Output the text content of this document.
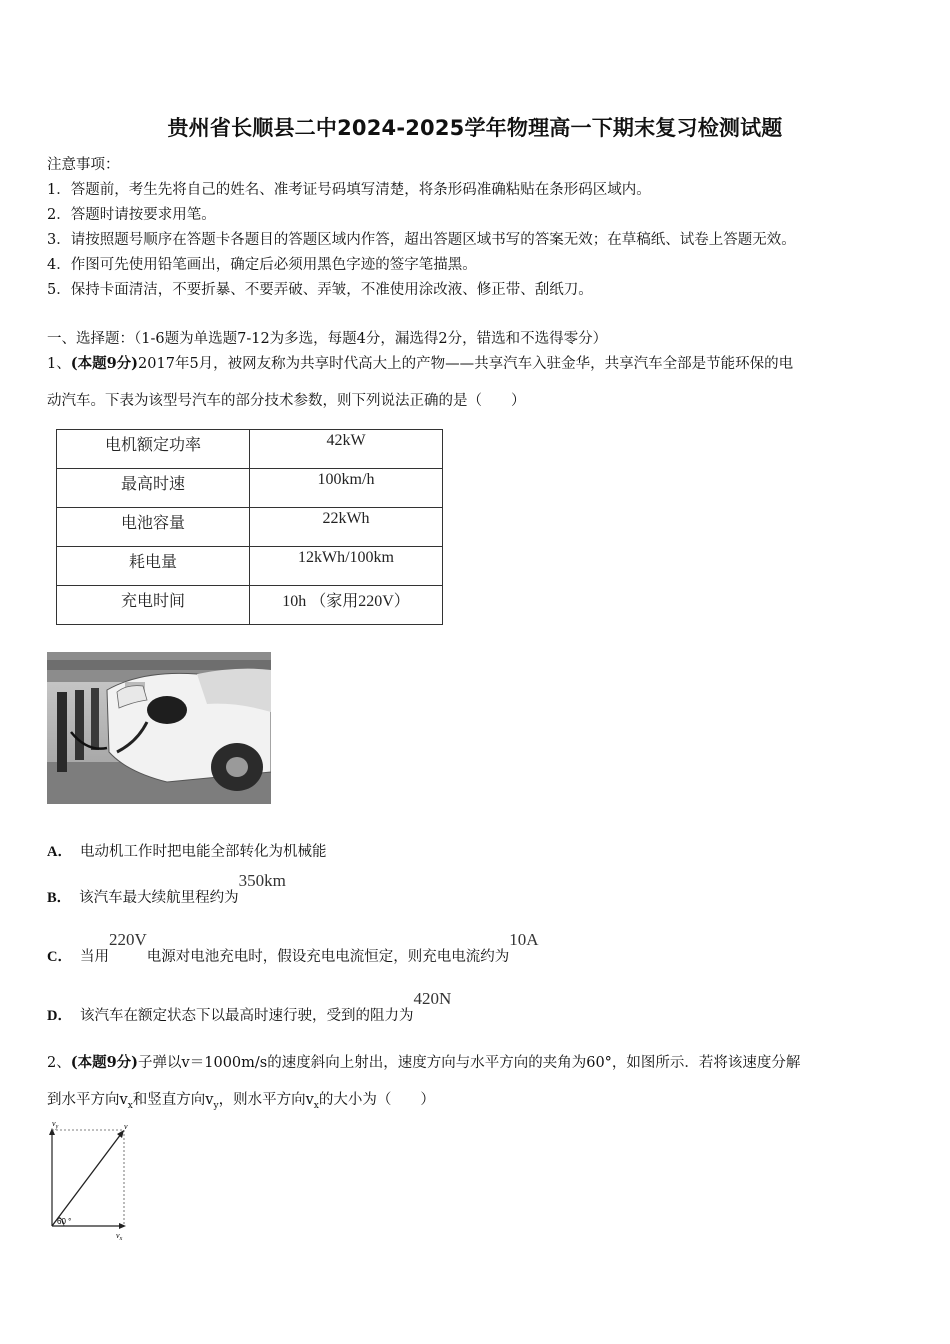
贵州省长顺县二中2024-2025学年物理高一下期末复习检测试题
注意事项：
1．答题前，考生先将自己的姓名、准考证号码填写清楚，将条形码准确粘贴在条形码区域内。
2．答题时请按要求用笔。
3．请按照题号顺序在答题卡各题目的答题区域内作答，超出答题区域书写的答案无效；在草稿纸、试卷上答题无效。
4．作图可先使用铅笔画出，确定后必须用黑色字迹的签字笔描黑。
5．保持卡面清洁，不要折暴、不要弄破、弄皱，不准使用涂改液、修正带、刮纸刀。
一、选择题：（1-6题为单选题7-12为多选，每题4分，漏选得2分，错选和不选得零分）
1、(本题9分)2017年5月，被网友称为共享时代高大上的产物——共享汽车入驻金华，共享汽车全部是节能环保的电
动汽车。下表为该型号汽车的部分技术参数，则下列说法正确的是（　　）
电机额定功率	42kW
最高时速	100km/h
电池容量	22kWh
耗电量	12kWh/100km
充电时间	10h （家用220V）
A． 电动机工作时把电能全部转化为机械能
B． 该汽车最大续航里程约为350km
C． 当用220V电源对电池充电时，假设充电电流恒定，则充电电流约为10A
D． 该汽车在额定状态下以最高时速行驶，受到的阻力为420N
2、(本题9分)子弹以v＝1000m/s的速度斜向上射出，速度方向与水平方向的夹角为60°，如图所示．若将该速度分解
到水平方向$v_x$和竖直方向$v_y$，则水平方向$v_x$的大小为（　　）
$v_y$	v
$v_x$
60 °
